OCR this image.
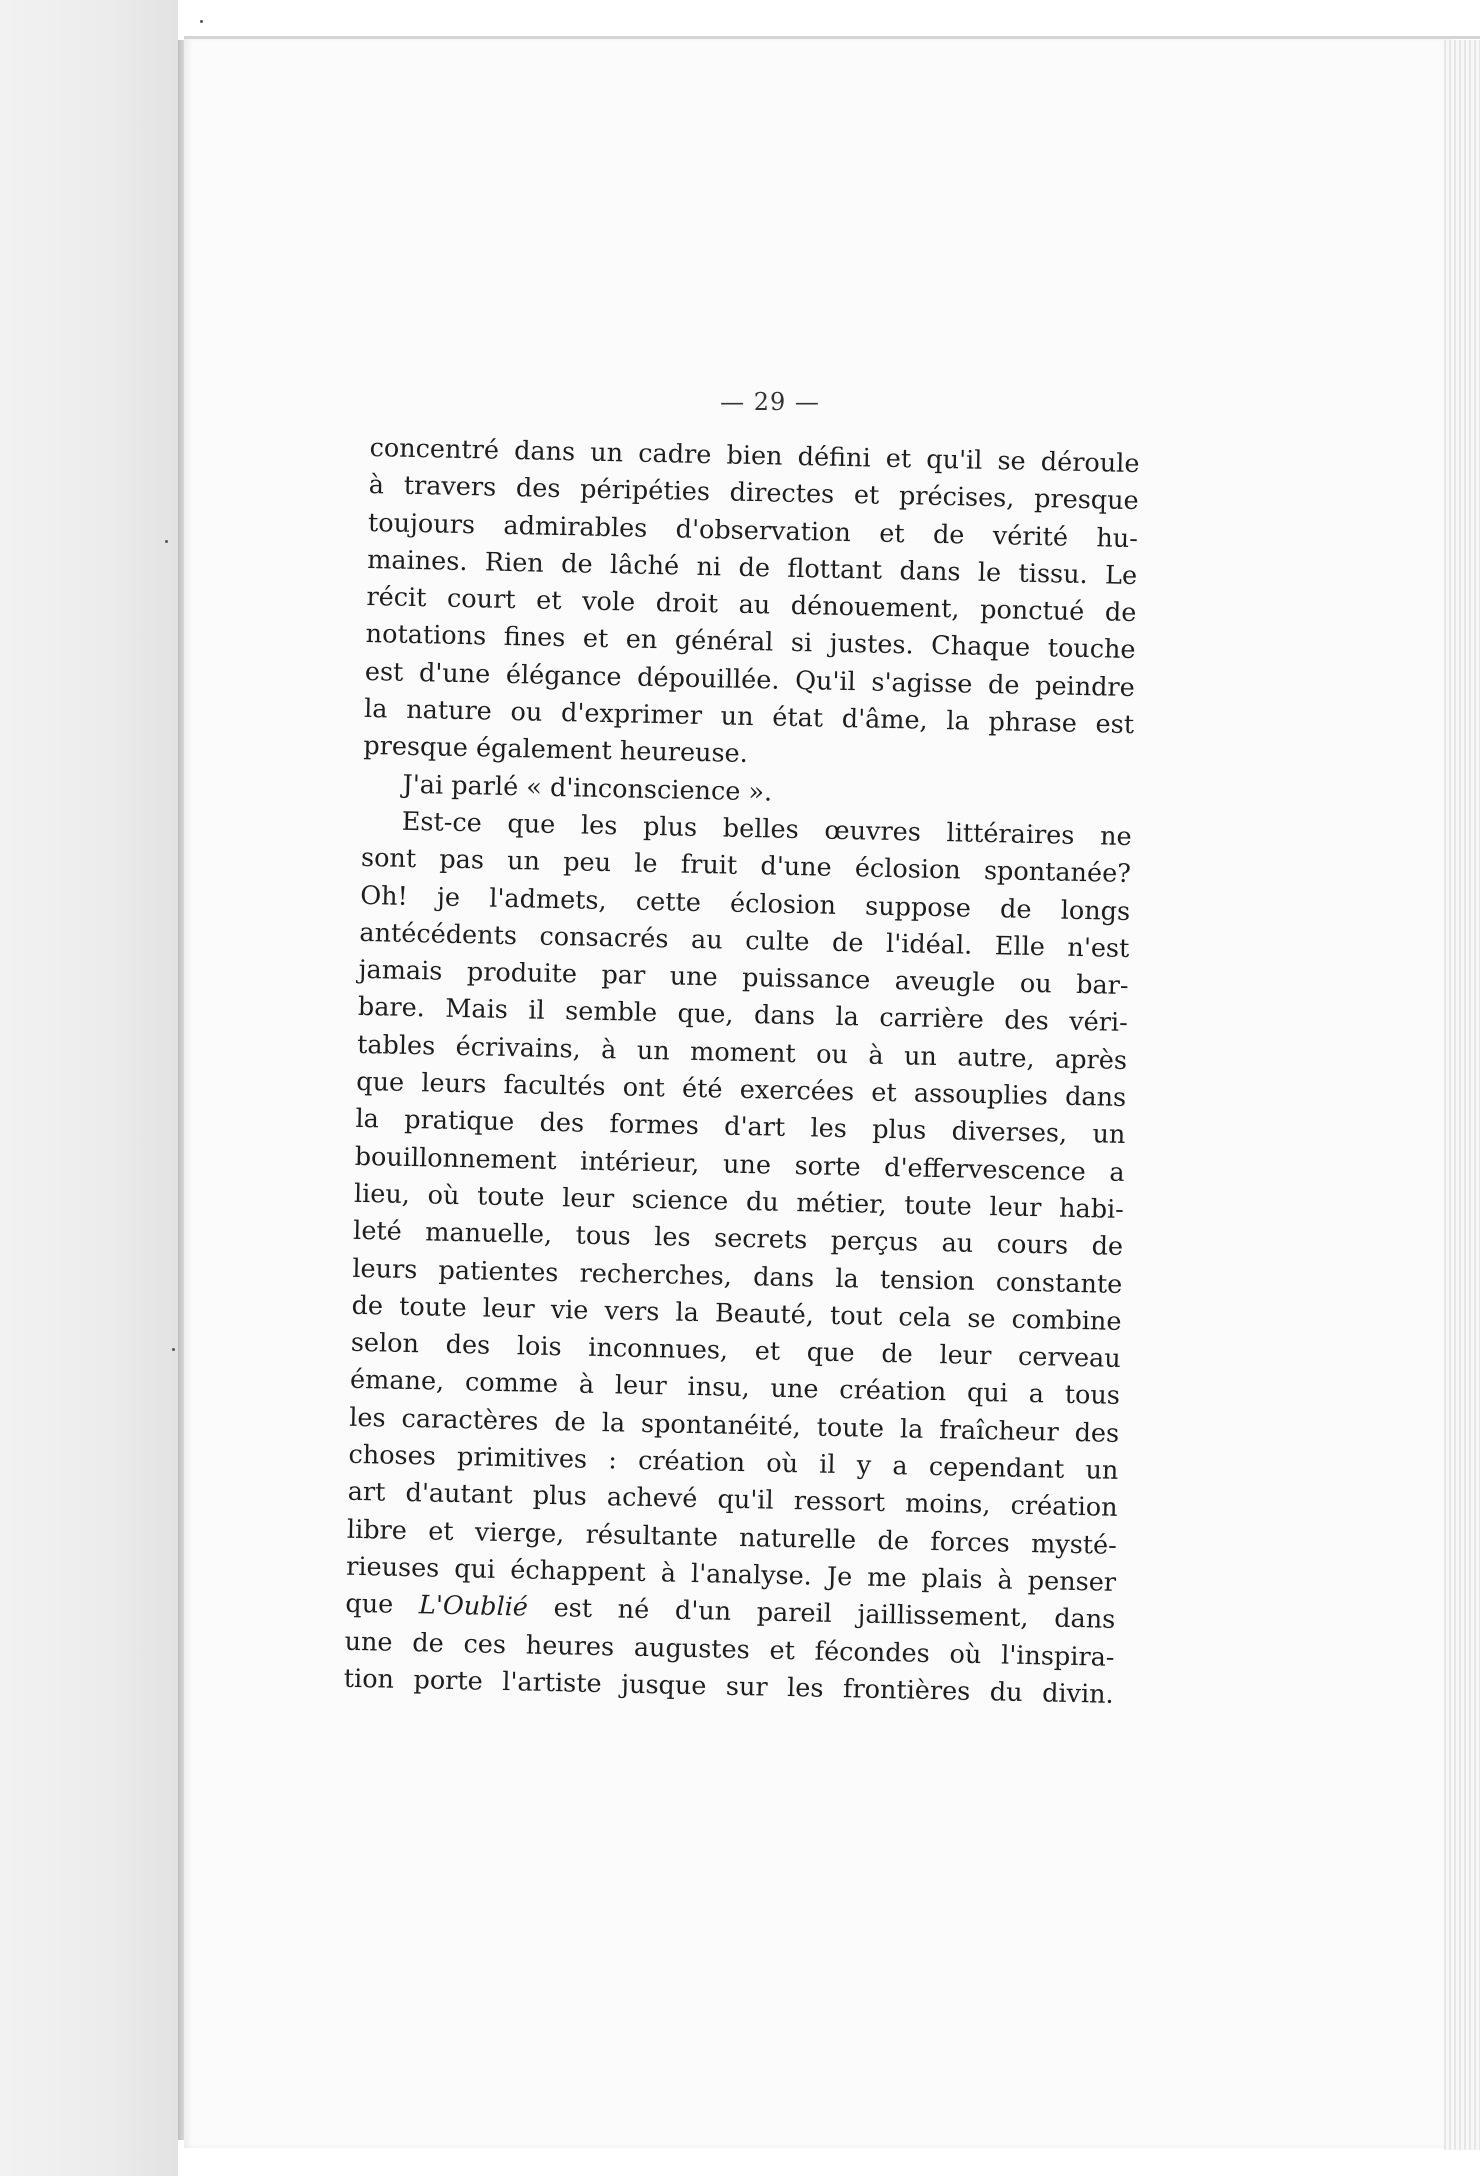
— 29 —
concentré dans un cadre bien défini et qu'il se déroule
à travers des péripéties directes et précises, presque
toujours admirables d'observation et de vérité hu-
maines. Rien de lâché ni de flottant dans le tissu. Le
récit court et vole droit au dénouement, ponctué de
notations fines et en général si justes. Chaque touche
est d'une élégance dépouillée. Qu'il s'agisse de peindre
la nature ou d'exprimer un état d'âme, la phrase est
presque également heureuse.
J'ai parlé « d'inconscience ».
Est-ce que les plus belles œuvres littéraires ne
sont pas un peu le fruit d'une éclosion spontanée?
Oh! je l'admets, cette éclosion suppose de longs
antécédents consacrés au culte de l'idéal. Elle n'est
jamais produite par une puissance aveugle ou bar-
bare. Mais il semble que, dans la carrière des véri-
tables écrivains, à un moment ou à un autre, après
que leurs facultés ont été exercées et assouplies dans
la pratique des formes d'art les plus diverses, un
bouillonnement intérieur, une sorte d'effervescence a
lieu, où toute leur science du métier, toute leur habi-
leté manuelle, tous les secrets perçus au cours de
leurs patientes recherches, dans la tension constante
de toute leur vie vers la Beauté, tout cela se combine
selon des lois inconnues, et que de leur cerveau
émane, comme à leur insu, une création qui a tous
les caractères de la spontanéité, toute la fraîcheur des
choses primitives : création où il y a cependant un
art d'autant plus achevé qu'il ressort moins, création
libre et vierge, résultante naturelle de forces mysté-
rieuses qui échappent à l'analyse. Je me plais à penser
que L'Oublié est né d'un pareil jaillissement, dans
une de ces heures augustes et fécondes où l'inspira-
tion porte l'artiste jusque sur les frontières du divin.
